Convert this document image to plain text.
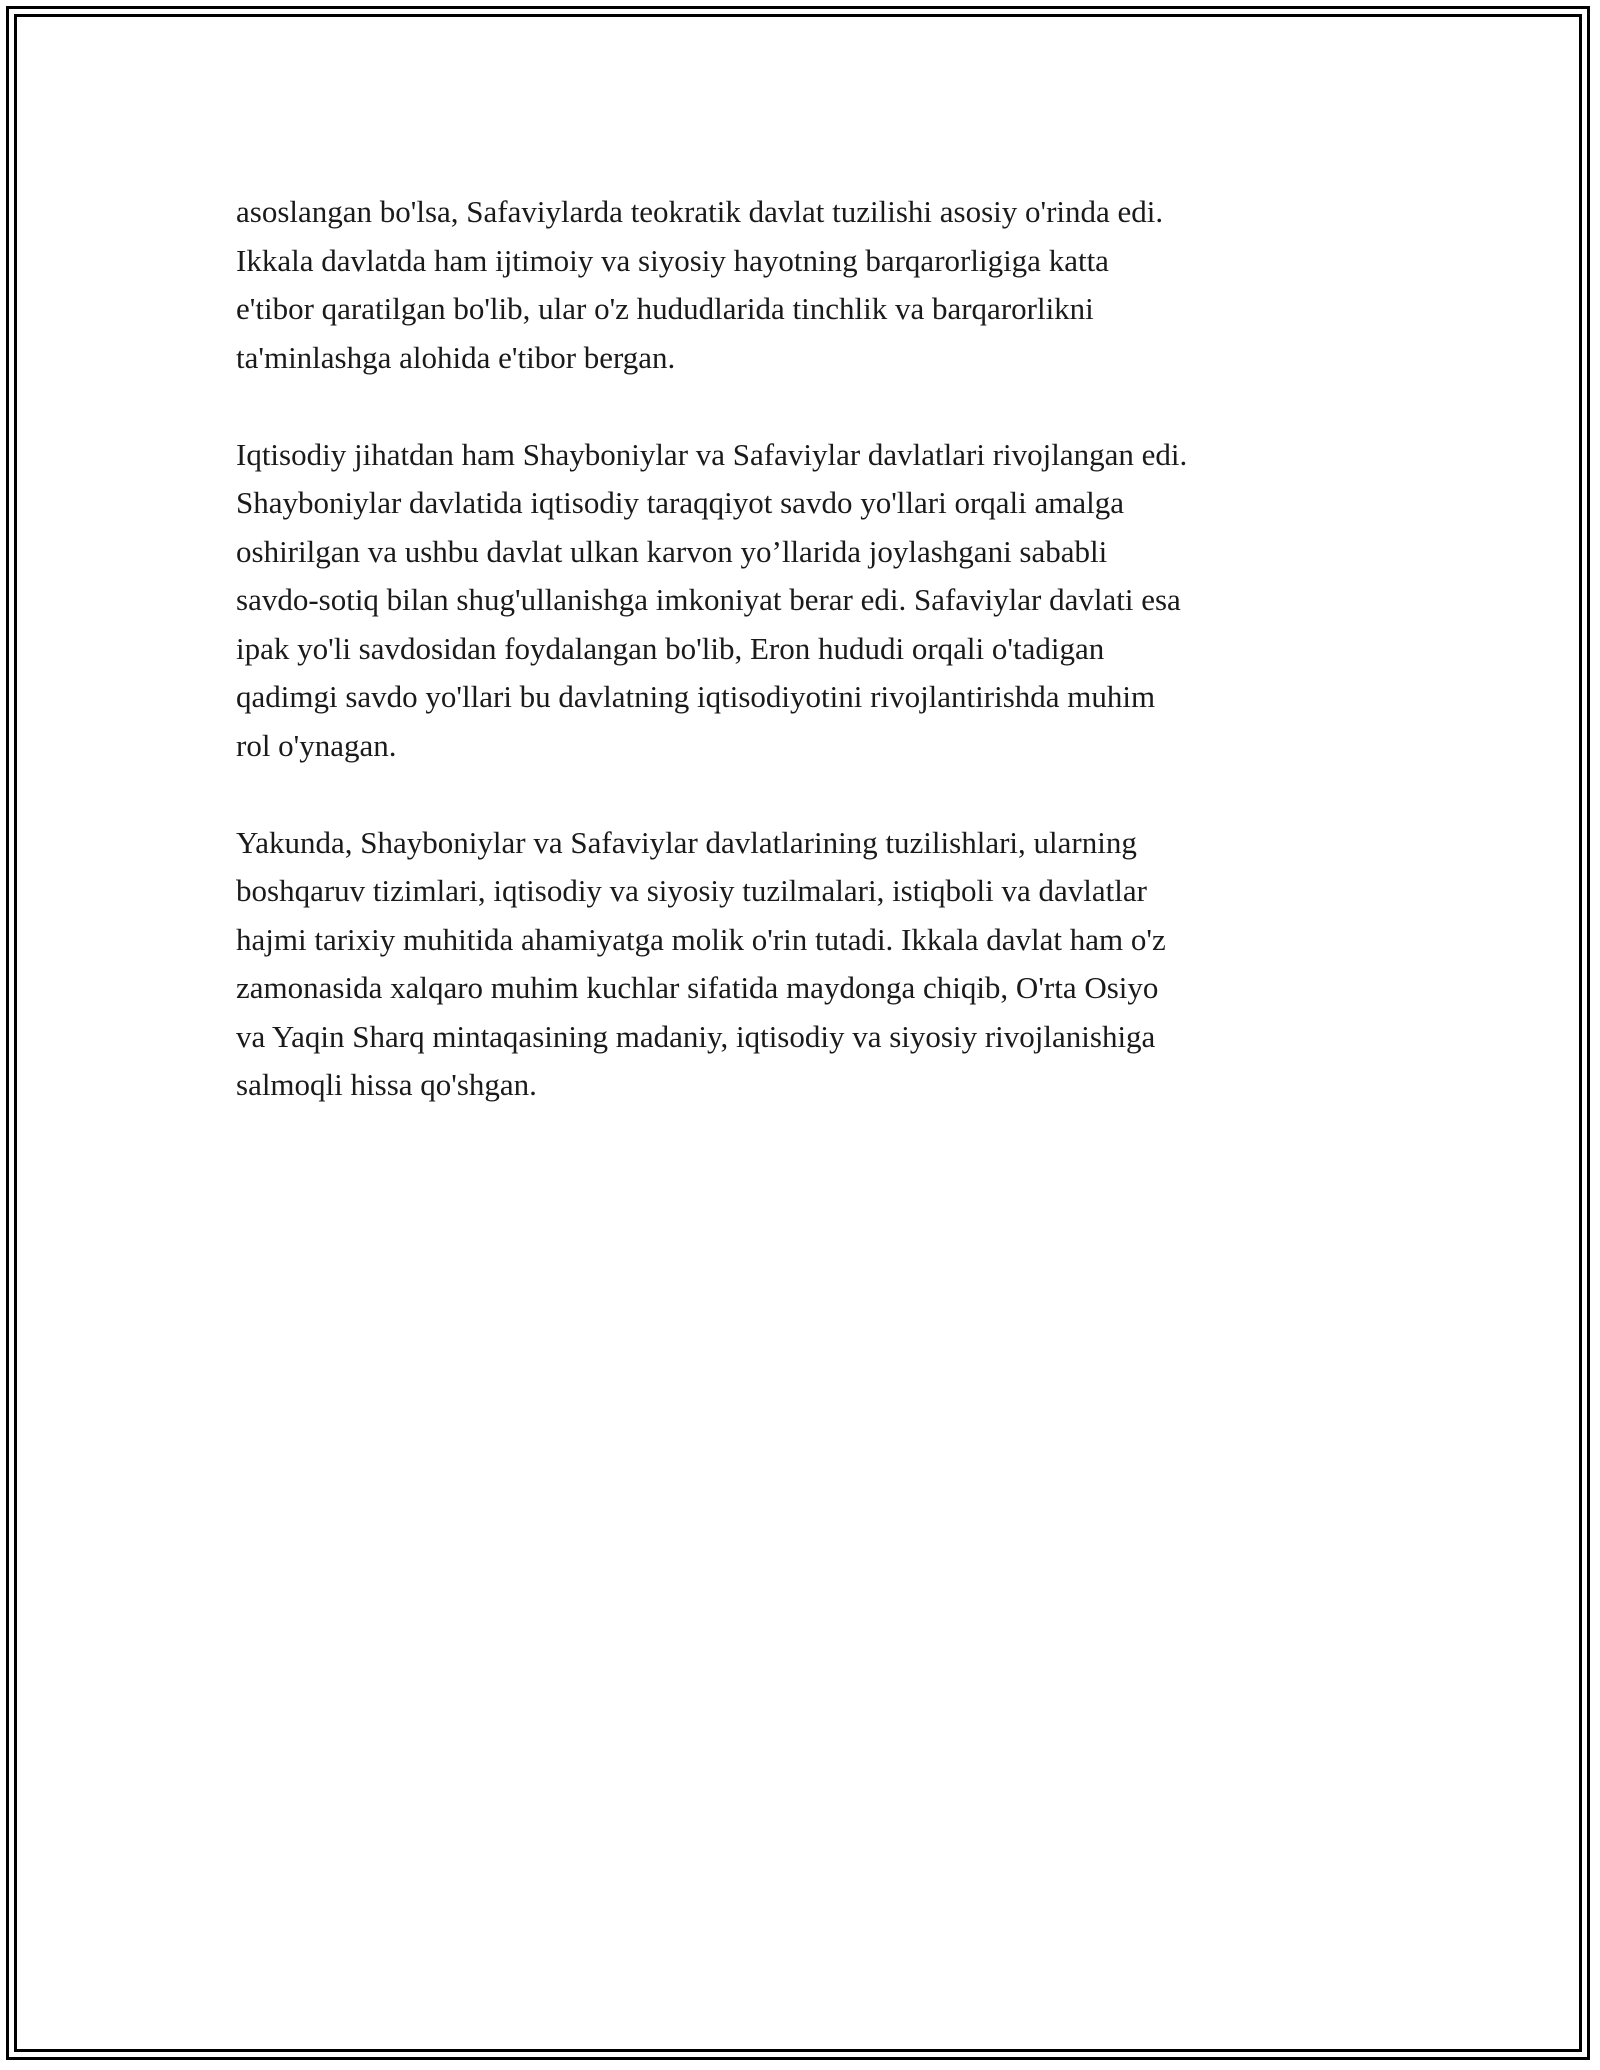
asoslangan bo'lsa, Safaviylarda teokratik davlat tuzilishi asosiy o'rinda edi.
Ikkala davlatda ham ijtimoiy va siyosiy hayotning barqarorligiga katta
e'tibor qaratilgan bo'lib, ular o'z hududlarida tinchlik va barqarorlikni
ta'minlashga alohida e'tibor bergan.

Iqtisodiy jihatdan ham Shayboniylar va Safaviylar davlatlari rivojlangan edi.
Shayboniylar davlatida iqtisodiy taraqqiyot savdo yo'llari orqali amalga
oshirilgan va ushbu davlat ulkan karvon yo’llarida joylashgani sababli
savdo-sotiq bilan shug'ullanishga imkoniyat berar edi. Safaviylar davlati esa
ipak yo'li savdosidan foydalangan bo'lib, Eron hududi orqali o'tadigan
qadimgi savdo yo'llari bu davlatning iqtisodiyotini rivojlantirishda muhim
rol o'ynagan.

Yakunda, Shayboniylar va Safaviylar davlatlarining tuzilishlari, ularning
boshqaruv tizimlari, iqtisodiy va siyosiy tuzilmalari, istiqboli va davlatlar
hajmi tarixiy muhitida ahamiyatga molik o'rin tutadi. Ikkala davlat ham o'z
zamonasida xalqaro muhim kuchlar sifatida maydonga chiqib, O'rta Osiyo
va Yaqin Sharq mintaqasining madaniy, iqtisodiy va siyosiy rivojlanishiga
salmoqli hissa qo'shgan.
